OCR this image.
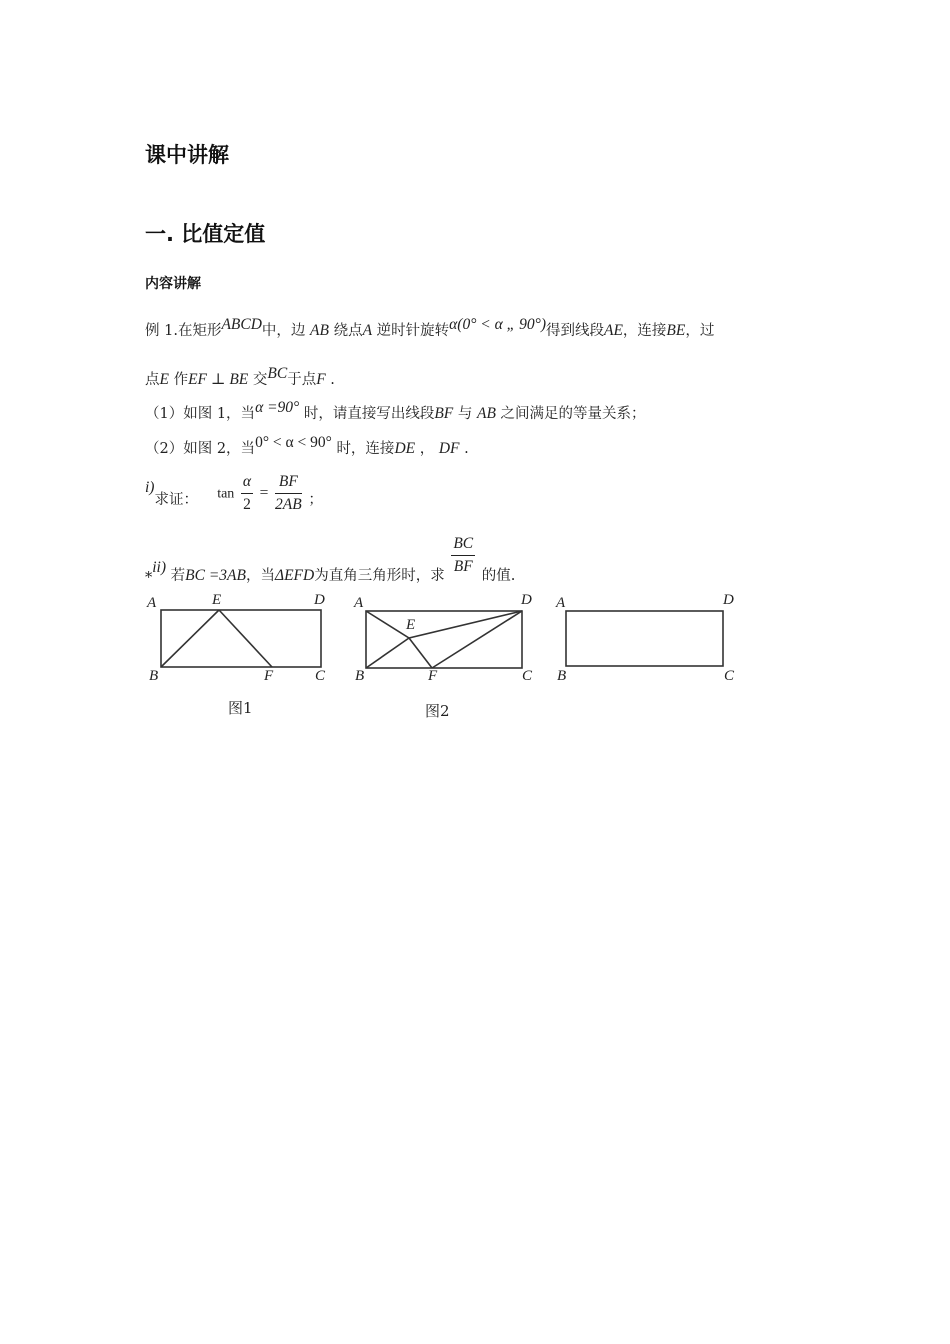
课中讲解
一. 比值定值
内容讲解
例 1.在矩形ABCD中，边 AB 绕点A 逆时针旋转α(0° < α „ 90°)得到线段AE，连接BE，过
点E 作EF ⊥ BE 交BC于点F .
（1）如图 1，当α =90° 时，请直接写出线段BF 与 AB 之间满足的等量关系；
（2）如图 2，当0° < α < 90° 时，连接DE ， DF .
i)求证： $\tan \frac{\alpha}{2} = \frac{BF}{2AB}$ ；
*ii) 若BC =3AB，当ΔEFD为直角三角形时，求 $\frac{BC}{BF}$ 的值.
A	E	D
B	F	C
图1
A
E
D
B	F	C
图2
A	D
B	C
